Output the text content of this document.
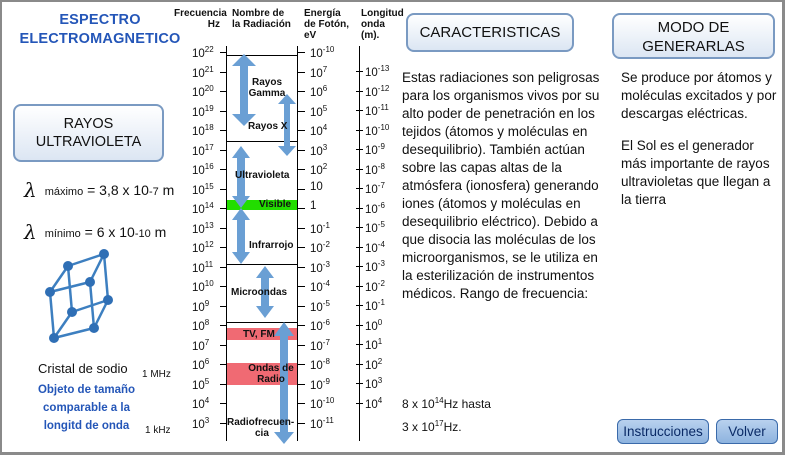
ESPECTRO
ELECTROMAGNETICO
RAYOS
ULTRAVIOLETA
λmáximo = 3,8 x 10-7 m
λmínimo = 6 x 10-10 m
Cristal de sodio
Objeto de tamaño
comparable a la
longitd de onda
Frecuencia
Hz
Nombre de
la Radiación
Energía
de Fotón,
eV
Longitud
onda
(m).
$10^{22}$
$10^{21}$
$10^{20}$
$10^{19}$
$10^{18}$
$10^{17}$
$10^{16}$
$10^{15}$
$10^{14}$
$10^{13}$
$10^{12}$
$10^{11}$
$10^{10}$
$10^9$
$10^8$
$10^7$
$10^6$
$10^5$
$10^4$
$10^3$
$10^{-10}$
$10^7$
$10^6$
$10^5$
$10^4$
$10^3$
$10^2$
10
1
$10^{-1}$
$10^{-2}$
$10^{-3}$
$10^{-4}$
$10^{-5}$
$10^{-6}$
$10^{-7}$
$10^{-8}$
$10^{-9}$
$10^{-10}$
$10^{-11}$
$10^{-13}$
$10^{-12}$
$10^{-11}$
$10^{-10}$
$10^{-9}$
$10^{-8}$
$10^{-7}$
$10^{-6}$
$10^{-5}$
$10^{-4}$
$10^{-3}$
$10^{-2}$
$10^{-1}$
$10^0$
$10^1$
$10^2$
$10^3$
$10^4$
Rayos
Gamma
Rayos X
Ultravioleta
Visible
Infrarrojo
Microondas
TV, FM
Ondas de
Radio
Radiofrecuen-
cia
1 MHz
1 kHz
CARACTERISTICAS
Estas radiaciones son peligrosas para los organismos vivos por su alto poder de penetración en los tejidos (átomos y moléculas en desequilibrio). También actúan sobre las capas altas de la atmósfera (ionosfera) generando iones (átomos y moléculas en desequilibrio eléctrico). Debido a que disocia las moléculas de los microorganismos, se le utiliza en la esterilización de instrumentos médicos. Rango de frecuencia:
8 x $10^{14}Hz$ hasta
3 x $10^{17}Hz$.
MODO DE
GENERARLAS
Se produce por átomos y moléculas excitados y por descargas eléctricas.
El Sol es el generador más importante de rayos ultravioletas que llegan a la tierra
Instrucciones	Volver
